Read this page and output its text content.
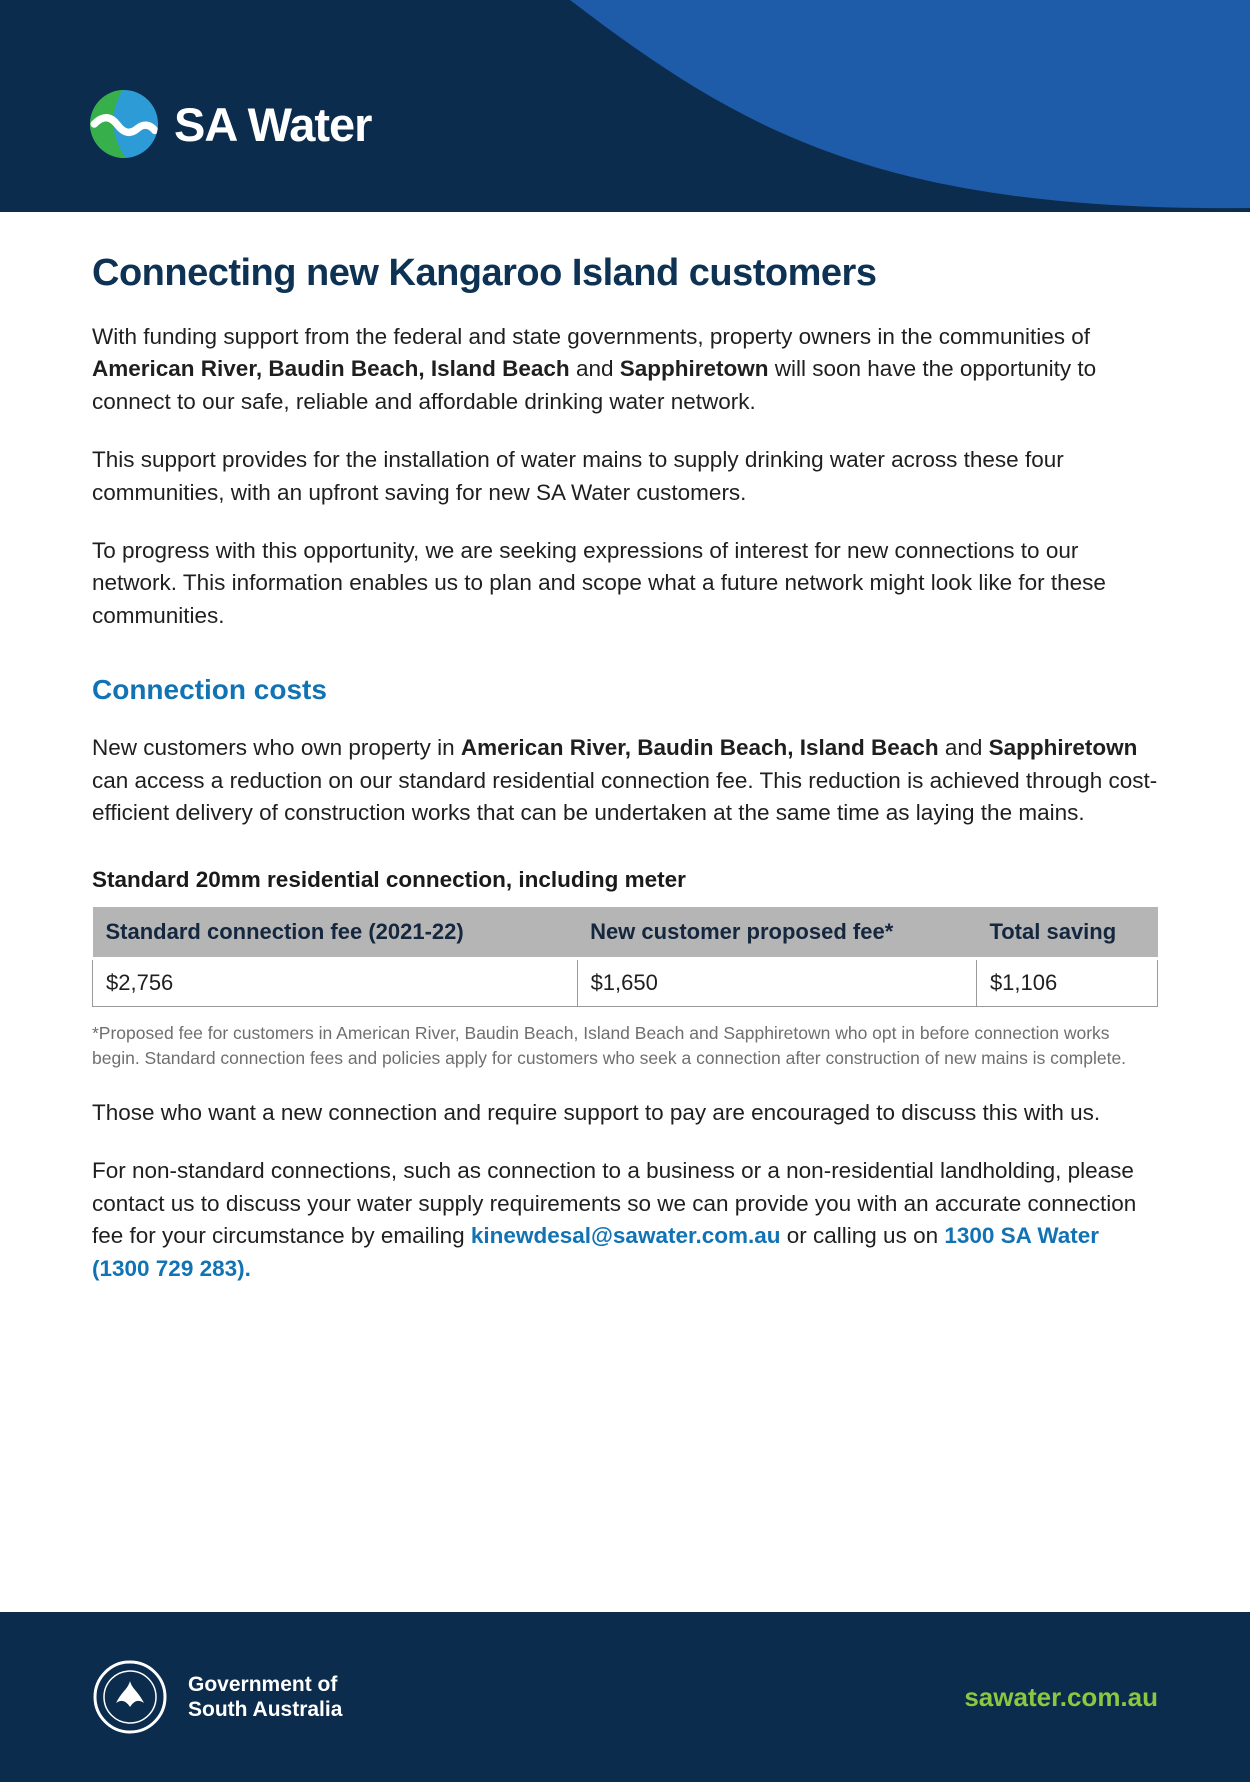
SA Water
Connecting new Kangaroo Island customers

With funding support from the federal and state governments, property owners in the communities of American River, Baudin Beach, Island Beach and Sapphiretown will soon have the opportunity to connect to our safe, reliable and affordable drinking water network.

This support provides for the installation of water mains to supply drinking water across these four communities, with an upfront saving for new SA Water customers.

To progress with this opportunity, we are seeking expressions of interest for new connections to our network. This information enables us to plan and scope what a future network might look like for these communities.

Connection costs

New customers who own property in American River, Baudin Beach, Island Beach and Sapphiretown can access a reduction on our standard residential connection fee. This reduction is achieved through cost-efficient delivery of construction works that can be undertaken at the same time as laying the mains.

Standard 20mm residential connection, including meter
Standard connection fee (2021-22)	New customer proposed fee*	Total saving
$2,756	$1,650	$1,106

*Proposed fee for customers in American River, Baudin Beach, Island Beach and Sapphiretown who opt in before connection works begin. Standard connection fees and policies apply for customers who seek a connection after construction of new mains is complete.

Those who want a new connection and require support to pay are encouraged to discuss this with us.

For non-standard connections, such as connection to a business or a non-residential landholding, please contact us to discuss your water supply requirements so we can provide you with an accurate connection fee for your circumstance by emailing kinewdesal@sawater.com.au or calling us on 1300 SA Water (1300 729 283).

Government of
South Australia	sawater.com.au
